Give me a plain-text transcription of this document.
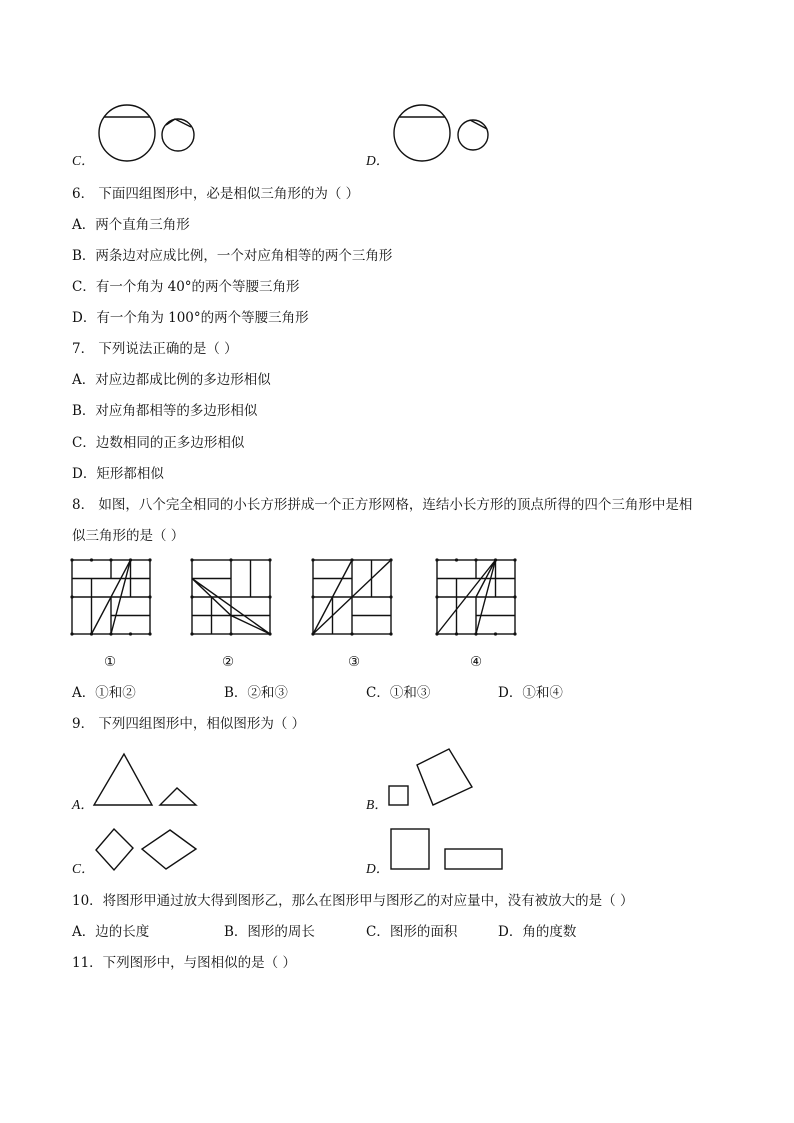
C．	D．
6． 下面四组图形中，必是相似三角形的为（ ）
A．两个直角三角形
B．两条边对应成比例，一个对应角相等的两个三角形
C．有一个角为 40°的两个等腰三角形
D．有一个角为 100°的两个等腰三角形
7． 下列说法正确的是（ ）
A．对应边都成比例的多边形相似
B．对应角都相等的多边形相似
C．边数相同的正多边形相似
D．矩形都相似
8． 如图，八个完全相同的小长方形拼成一个正方形网格，连结小长方形的顶点所得的四个三角形中是相
似三角形的是（ ）
①	②	③	④
A．①和②	B．②和③	C．①和③	D．①和④
9． 下列四组图形中，相似图形为（ ）
A．	B．
C．	D．
10．将图形甲通过放大得到图形乙，那么在图形甲与图形乙的对应量中，没有被放大的是（ ）
A．边的长度	B．图形的周长	C．图形的面积	D．角的度数
11．下列图形中，与图相似的是（ ）
